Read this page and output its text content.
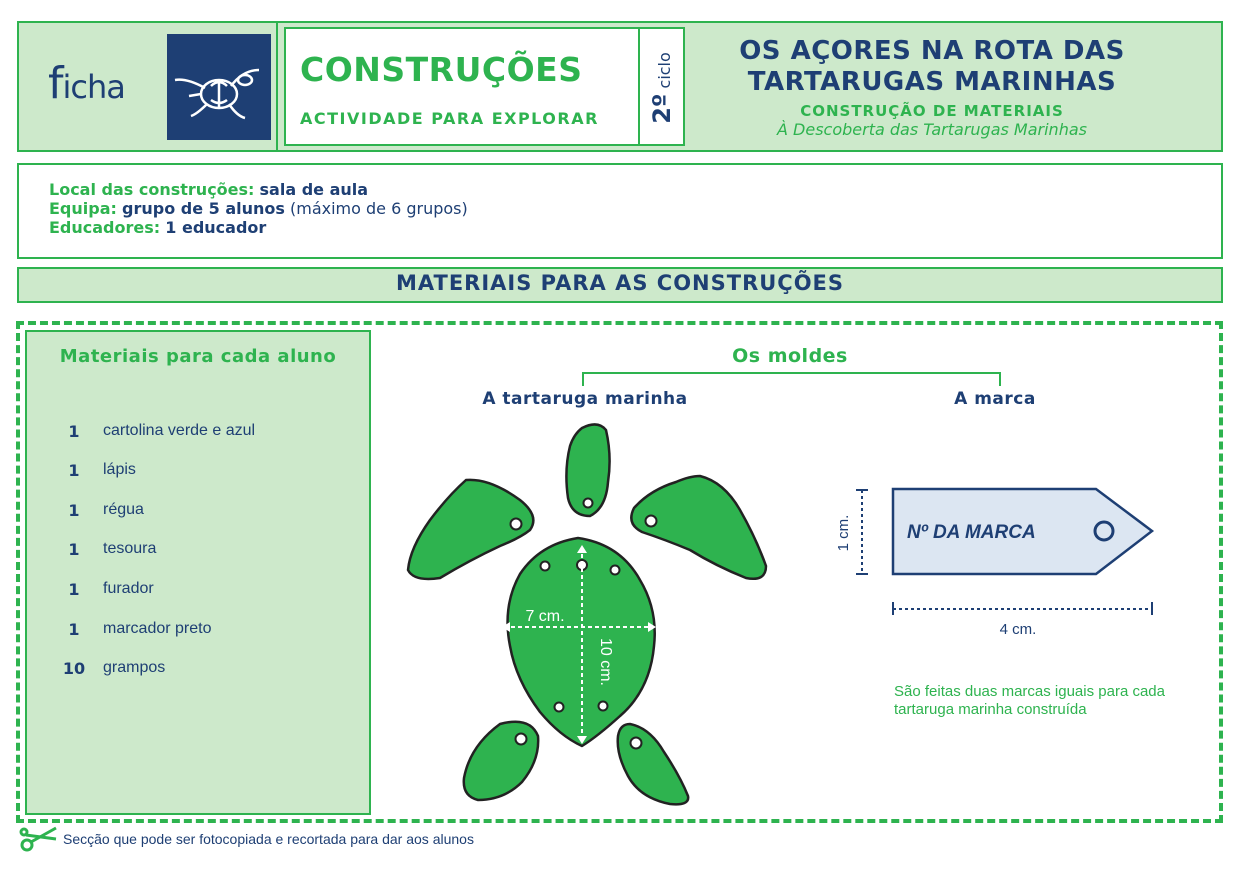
ficha	CONSTRUÇÕES
ACTIVIDADE PARA EXPLORAR 2º ciclo
OS AÇORES NA ROTA DAS
TARTARUGAS MARINHAS
CONSTRUÇÃO DE MATERIAIS
À Descoberta das Tartarugas Marinhas
Local das construções: sala de aula
Equipa: grupo de 5 alunos (máximo de 6 grupos)
Educadores: 1 educador
MATERIAIS PARA AS CONSTRUÇÕES
Materiais para cada aluno
1	cartolina verde e azul
1	lápis
1	régua
1	tesoura
1	furador
1	marcador preto
10 grampos
Os moldes
A tartaruga marinha	A marca
7 cm.
10 cm.
Nº DA MARCA
1 cm.
4 cm.
São feitas duas marcas iguais para cada tartaruga marinha construída
Secção que pode ser fotocopiada e recortada para dar aos alunos
